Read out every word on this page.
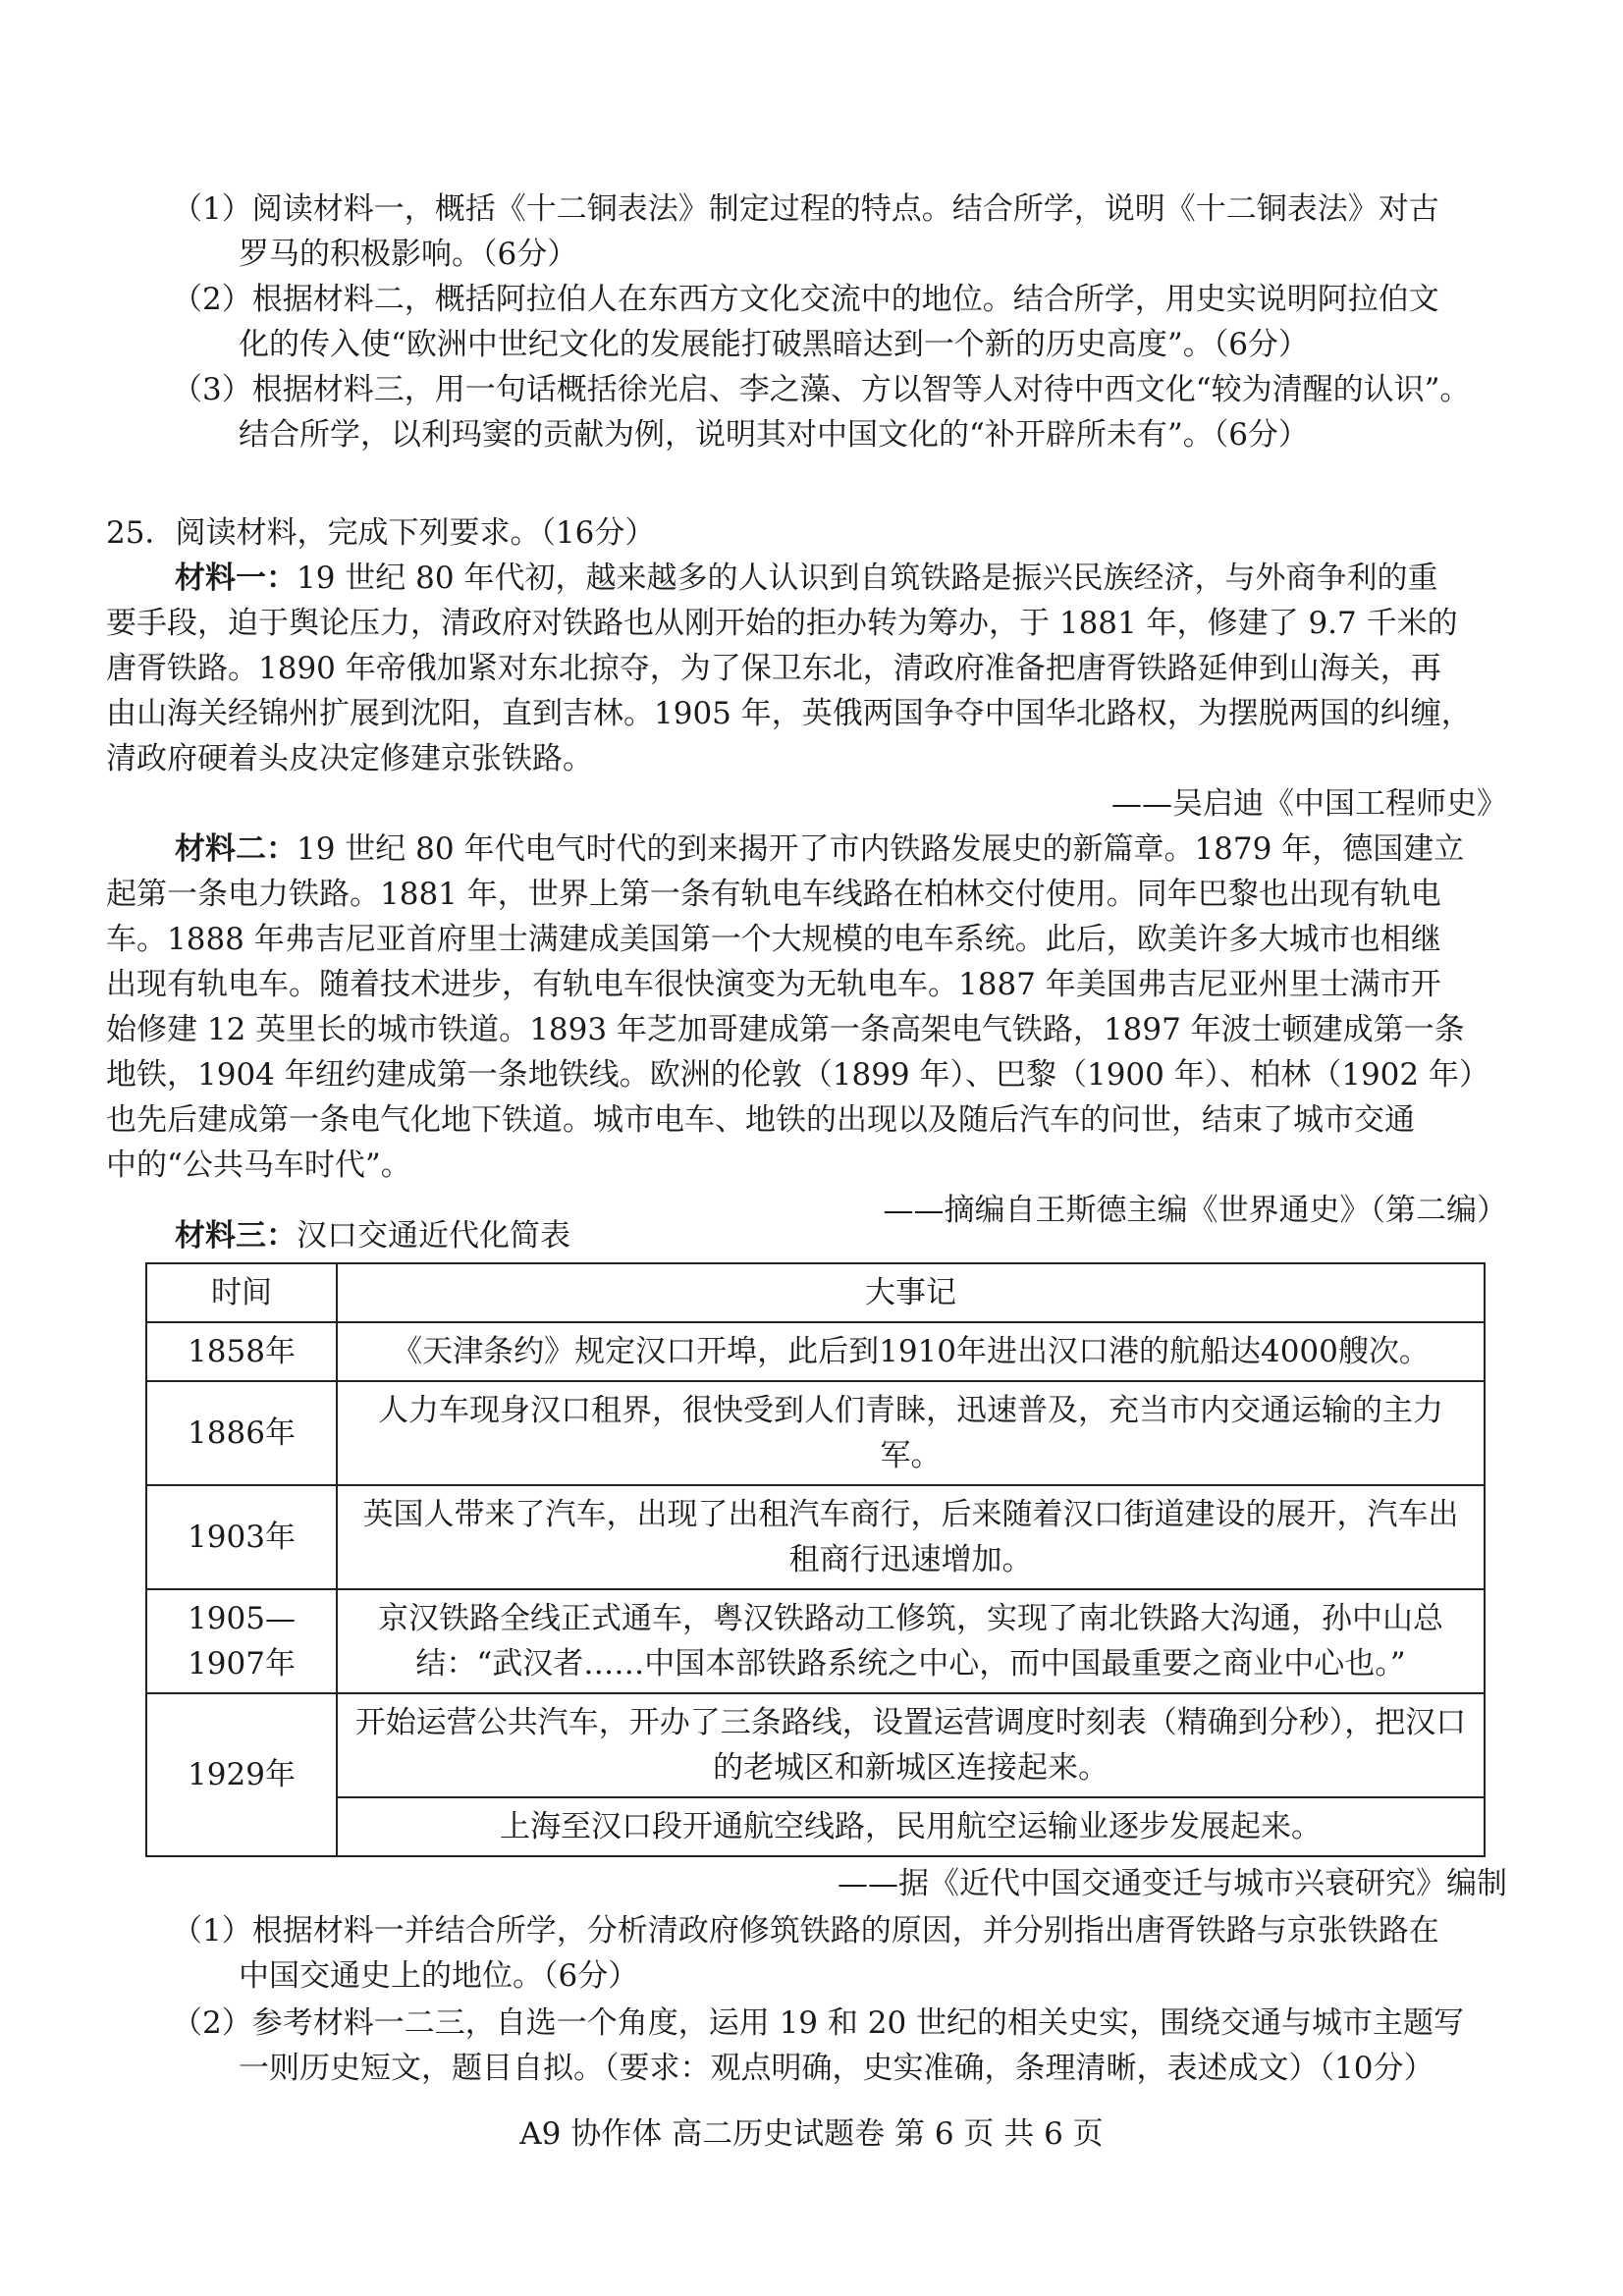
（1）阅读材料一，概括《十二铜表法》制定过程的特点。结合所学，说明《十二铜表法》对古
罗马的积极影响。（6分）
（2）根据材料二，概括阿拉伯人在东西方文化交流中的地位。结合所学，用史实说明阿拉伯文
化的传入使“欧洲中世纪文化的发展能打破黑暗达到一个新的历史高度”。（6分）
（3）根据材料三，用一句话概括徐光启、李之藻、方以智等人对待中西文化“较为清醒的认识”。
结合所学，以利玛窦的贡献为例，说明其对中国文化的“补开辟所未有”。（6分）
25．阅读材料，完成下列要求。（16分）
材料一：19 世纪 80 年代初，越来越多的人认识到自筑铁路是振兴民族经济，与外商争利的重
要手段，迫于舆论压力，清政府对铁路也从刚开始的拒办转为筹办，于 1881 年，修建了 9.7 千米的
唐胥铁路。1890 年帝俄加紧对东北掠夺，为了保卫东北，清政府准备把唐胥铁路延伸到山海关，再
由山海关经锦州扩展到沈阳，直到吉林。1905 年，英俄两国争夺中国华北路权，为摆脱两国的纠缠，
清政府硬着头皮决定修建京张铁路。
——吴启迪《中国工程师史》
材料二：19 世纪 80 年代电气时代的到来揭开了市内铁路发展史的新篇章。1879 年，德国建立
起第一条电力铁路。1881 年，世界上第一条有轨电车线路在柏林交付使用。同年巴黎也出现有轨电
车。1888 年弗吉尼亚首府里士满建成美国第一个大规模的电车系统。此后，欧美许多大城市也相继
出现有轨电车。随着技术进步，有轨电车很快演变为无轨电车。1887 年美国弗吉尼亚州里士满市开
始修建 12 英里长的城市铁道。1893 年芝加哥建成第一条高架电气铁路，1897 年波士顿建成第一条
地铁，1904 年纽约建成第一条地铁线。欧洲的伦敦（1899 年）、巴黎（1900 年）、柏林（1902 年）
也先后建成第一条电气化地下铁道。城市电车、地铁的出现以及随后汽车的问世，结束了城市交通
中的“公共马车时代”。
——摘编自王斯德主编《世界通史》（第二编）
材料三：汉口交通近代化简表
时间	大事记
1858年	《天津条约》规定汉口开埠，此后到1910年进出汉口港的航船达4000艘次。
1886年	人力车现身汉口租界，很快受到人们青睐，迅速普及，充当市内交通运输的主力军。
1903年	英国人带来了汽车，出现了出租汽车商行，后来随着汉口街道建设的展开，汽车出租商行迅速增加。
1905—1907年	京汉铁路全线正式通车，粤汉铁路动工修筑，实现了南北铁路大沟通，孙中山总结：“武汉者……中国本部铁路系统之中心，而中国最重要之商业中心也。”
1929年	开始运营公共汽车，开办了三条路线，设置运营调度时刻表（精确到分秒），把汉口的老城区和新城区连接起来。
	上海至汉口段开通航空线路，民用航空运输业逐步发展起来。
——据《近代中国交通变迁与城市兴衰研究》编制
（1）根据材料一并结合所学，分析清政府修筑铁路的原因，并分别指出唐胥铁路与京张铁路在
中国交通史上的地位。（6分）
（2）参考材料一二三，自选一个角度，运用 19 和 20 世纪的相关史实，围绕交通与城市主题写
一则历史短文，题目自拟。（要求：观点明确，史实准确，条理清晰，表述成文）（10分）
A9 协作体 高二历史试题卷 第 6 页 共 6 页
